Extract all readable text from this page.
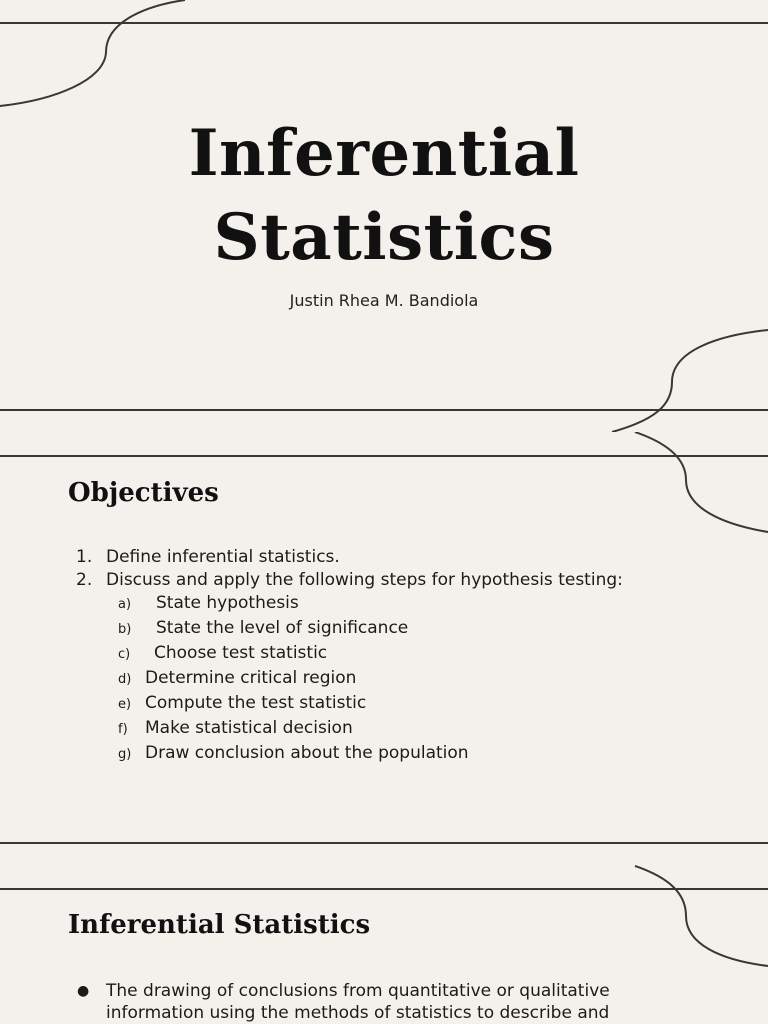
Inferential
Statistics
Justin Rhea M. Bandiola
Objectives
1. Define inferential statistics.
2. Discuss and apply the following steps for hypothesis testing:
a) State hypothesis
b) State the level of significance
c) Choose test statistic
d) Determine critical region
e) Compute the test statistic
f) Make statistical decision
g) Draw conclusion about the population
Inferential Statistics
● The drawing of conclusions from quantitative or qualitative information using the methods of statistics to describe and
